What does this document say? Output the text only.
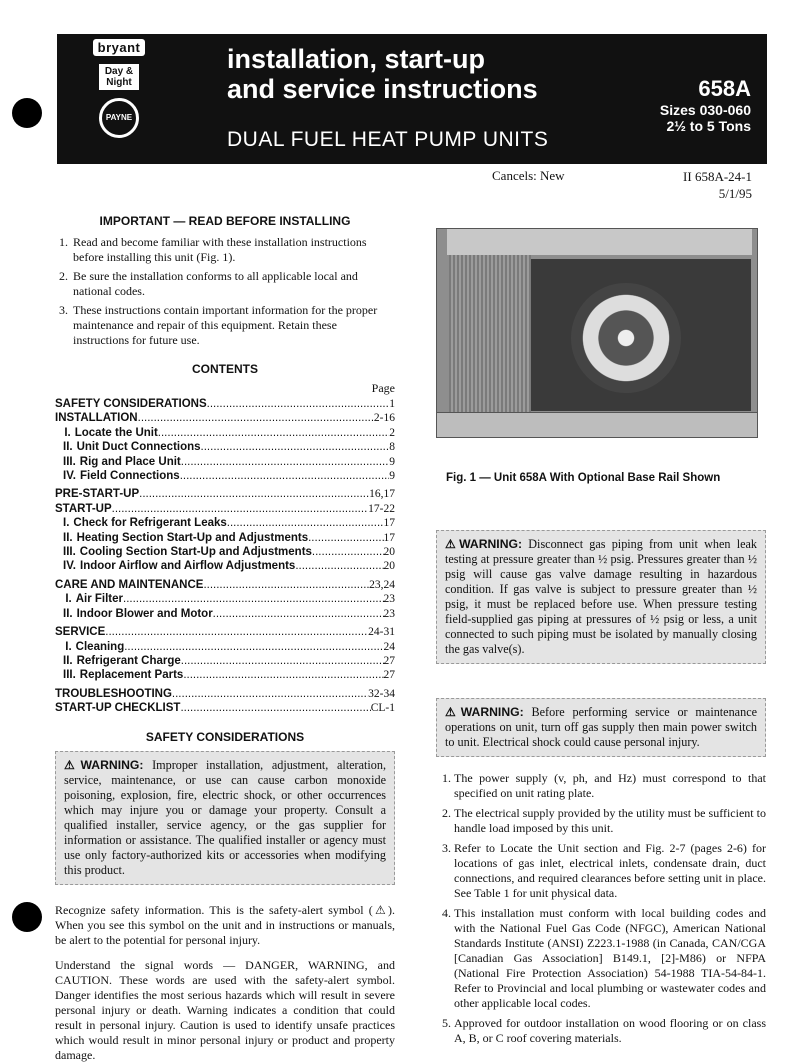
bryant
Day & Night
PAYNE
installation, start-up
and service instructions
DUAL FUEL HEAT PUMP UNITS
658A
Sizes 030-060
2½ to 5 Tons
Cancels: New	II 658A-24-1
5/1/95
IMPORTANT — READ BEFORE INSTALLING
1. Read and become familiar with these installation instructions before installing this unit (Fig. 1).
2. Be sure the installation conforms to all applicable local and national codes.
3. These instructions contain important information for the proper maintenance and repair of this equipment. Retain these instructions for future use.
CONTENTS
Page
SAFETY CONSIDERATIONS .....	1
INSTALLATION .....	2-16
I. Locate the Unit .....	2
II. Unit Duct Connections .....	8
III. Rig and Place Unit .....	9
IV. Field Connections .....	9
PRE-START-UP .....	16,17
START-UP .....	17-22
I. Check for Refrigerant Leaks .....	17
II. Heating Section Start-Up and Adjustments .....	17
III. Cooling Section Start-Up and Adjustments .....	20
IV. Indoor Airflow and Airflow Adjustments .....	20
CARE AND MAINTENANCE .....	23,24
I. Air Filter .....	23
II. Indoor Blower and Motor .....	23
SERVICE .....	24-31
I. Cleaning .....	24
II. Refrigerant Charge .....	27
III. Replacement Parts .....	27
TROUBLESHOOTING .....	32-34
START-UP CHECKLIST .....	CL-1
SAFETY CONSIDERATIONS
⚠WARNING: Improper installation, adjustment, alteration, service, maintenance, or use can cause carbon monoxide poisoning, explosion, fire, electric shock, or other occurrences which may injure you or damage your property. Consult a qualified installer, service agency, or the gas supplier for information or assistance. The qualified installer or agency must use only factory-authorized kits or accessories when modifying this product.

Recognize safety information. This is the safety-alert symbol (⚠). When you see this symbol on the unit and in instructions or manuals, be alert to the potential for personal injury.

Understand the signal words — DANGER, WARNING, and CAUTION. These words are used with the safety-alert symbol. Danger identifies the most serious hazards which will result in severe personal injury or death. Warning indicates a condition that could result in personal injury. Caution is used to identify unsafe practices which would result in minor personal injury or product and property damage.

Fig. 1 — Unit 658A With Optional Base Rail Shown
⚠WARNING: Disconnect gas piping from unit when leak testing at pressure greater than ½ psig. Pressures greater than ½ psig will cause gas valve damage resulting in hazardous condition. If gas valve is subject to pressure greater than ½ psig, it must be replaced before use. When pressure testing field-supplied gas piping at pressures of ½ psig or less, a unit connected to such piping must be isolated by manually closing the gas valve(s).
⚠WARNING: Before performing service or maintenance operations on unit, turn off gas supply then main power switch to unit. Electrical shock could cause personal injury.
1. The power supply (v, ph, and Hz) must correspond to that specified on unit rating plate.
2. The electrical supply provided by the utility must be sufficient to handle load imposed by this unit.
3. Refer to Locate the Unit section and Fig. 2-7 (pages 2-6) for locations of gas inlet, electrical inlets, condensate drain, duct connections, and required clearances before setting unit in place. See Table 1 for unit physical data.
4. This installation must conform with local building codes and with the National Fuel Gas Code (NFGC), American National Standards Institute (ANSI) Z223.1-1988 (in Canada, CAN/CGA [Canadian Gas Association] B149.1, [2]-M86) or NFPA (National Fire Protection Association) 54-1988 TIA-54-84-1. Refer to Provincial and local plumbing or wastewater codes and other applicable local codes.
5. Approved for outdoor installation on wood flooring or on class A, B, or C roof covering materials.
